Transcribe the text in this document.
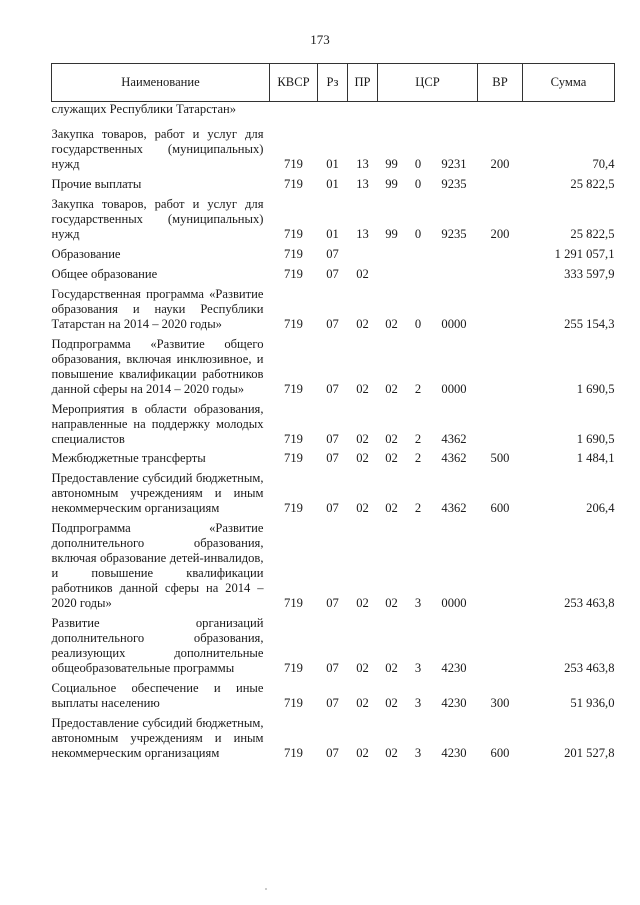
173
Наименование	КВСР	Рз	ПР	ЦСР			ВР	Сумма
служащих Республики Татарстан»								
Закупка товаров, работ и услуг для государственных (муниципальных) нужд	719	01	13	99	0	9231	200	70,4
Прочие выплаты	719	01	13	99	0	9235		25 822,5
Закупка товаров, работ и услуг для государственных (муниципальных) нужд	719	01	13	99	0	9235	200	25 822,5
Образование	719	07						1 291 057,1
Общее образование	719	07	02					333 597,9
Государственная программа «Развитие образования и науки Республики Татарстан на 2014 – 2020 годы»	719	07	02	02	0	0000		255 154,3
Подпрограмма «Развитие общего образования, включая инклюзивное, и повышение квалификации работников данной сферы на 2014 – 2020 годы»	719	07	02	02	2	0000		1 690,5
Мероприятия в области образования, направленные на поддержку молодых специалистов	719	07	02	02	2	4362		1 690,5
Межбюджетные трансферты	719	07	02	02	2	4362	500	1 484,1
Предоставление субсидий бюджетным, автономным учреждениям и иным некоммерческим организациям	719	07	02	02	2	4362	600	206,4
Подпрограмма «Развитие дополнительного образования, включая образование детей-инвалидов, и повышение квалификации работников данной сферы на 2014 – 2020 годы»	719	07	02	02	3	0000		253 463,8
Развитие организаций дополнительного образования, реализующих дополнительные общеобразовательные программы	719	07	02	02	3	4230		253 463,8
Социальное обеспечение и иные выплаты населению	719	07	02	02	3	4230	300	51 936,0
Предоставление субсидий бюджетным, автономным учреждениям и иным некоммерческим организациям	719	07	02	02	3	4230	600	201 527,8
